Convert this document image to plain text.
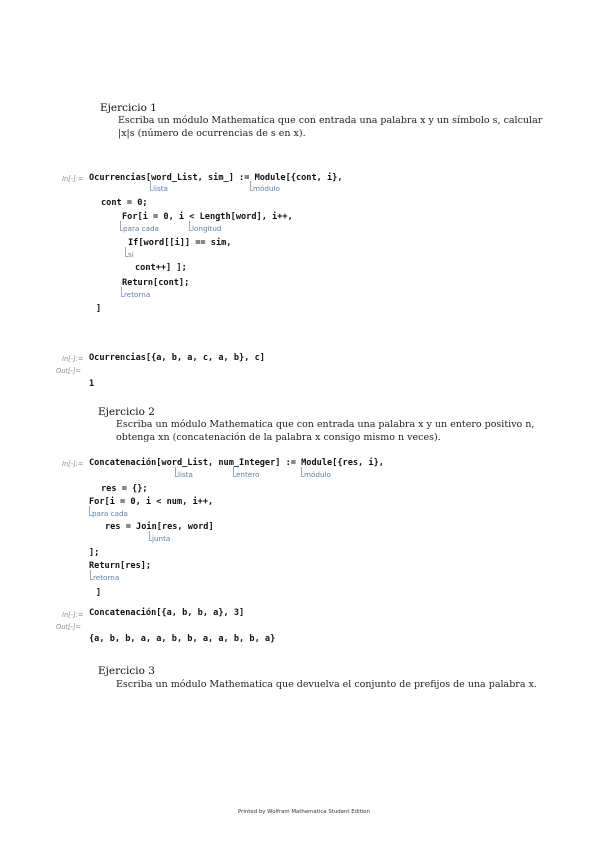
Ejercicio 1
Escriba un módulo Mathematica que con entrada una palabra x y un símbolo s, calcular
|x|s (número de ocurrencias de s en x).
In[-]:= Ocurrencias[word_List, sim_] := Module[{cont, i},
lista	módulo
cont = 0;
For[i = 0, i < Length[word], i++,
para cada	longitud
If[word[[i]] == sim,
si
cont++] ];
Return[cont];
retorna
]
In[-]:= Ocurrencias[{a, b, a, c, a, b}, c]
Out[-]=
1
Ejercicio 2
Escriba un módulo Mathematica que con entrada una palabra x y un entero positivo n,
obtenga xn (concatenación de la palabra x consigo mismo n veces).
In[-]:= Concatenación[word_List, num_Integer] := Module[{res, i},
lista	entero	módulo
res = {};
For[i = 0, i < num, i++,
para cada
res = Join[res, word]
junta
];
Return[res];
retorna
]
In[-]:= Concatenación[{a, b, b, a}, 3]
Out[-]=
{a, b, b, a, a, b, b, a, a, b, b, a}
Ejercicio 3
Escriba un módulo Mathematica que devuelva el conjunto de prefijos de una palabra x.
Printed by Wolfram Mathematica Student Edition
